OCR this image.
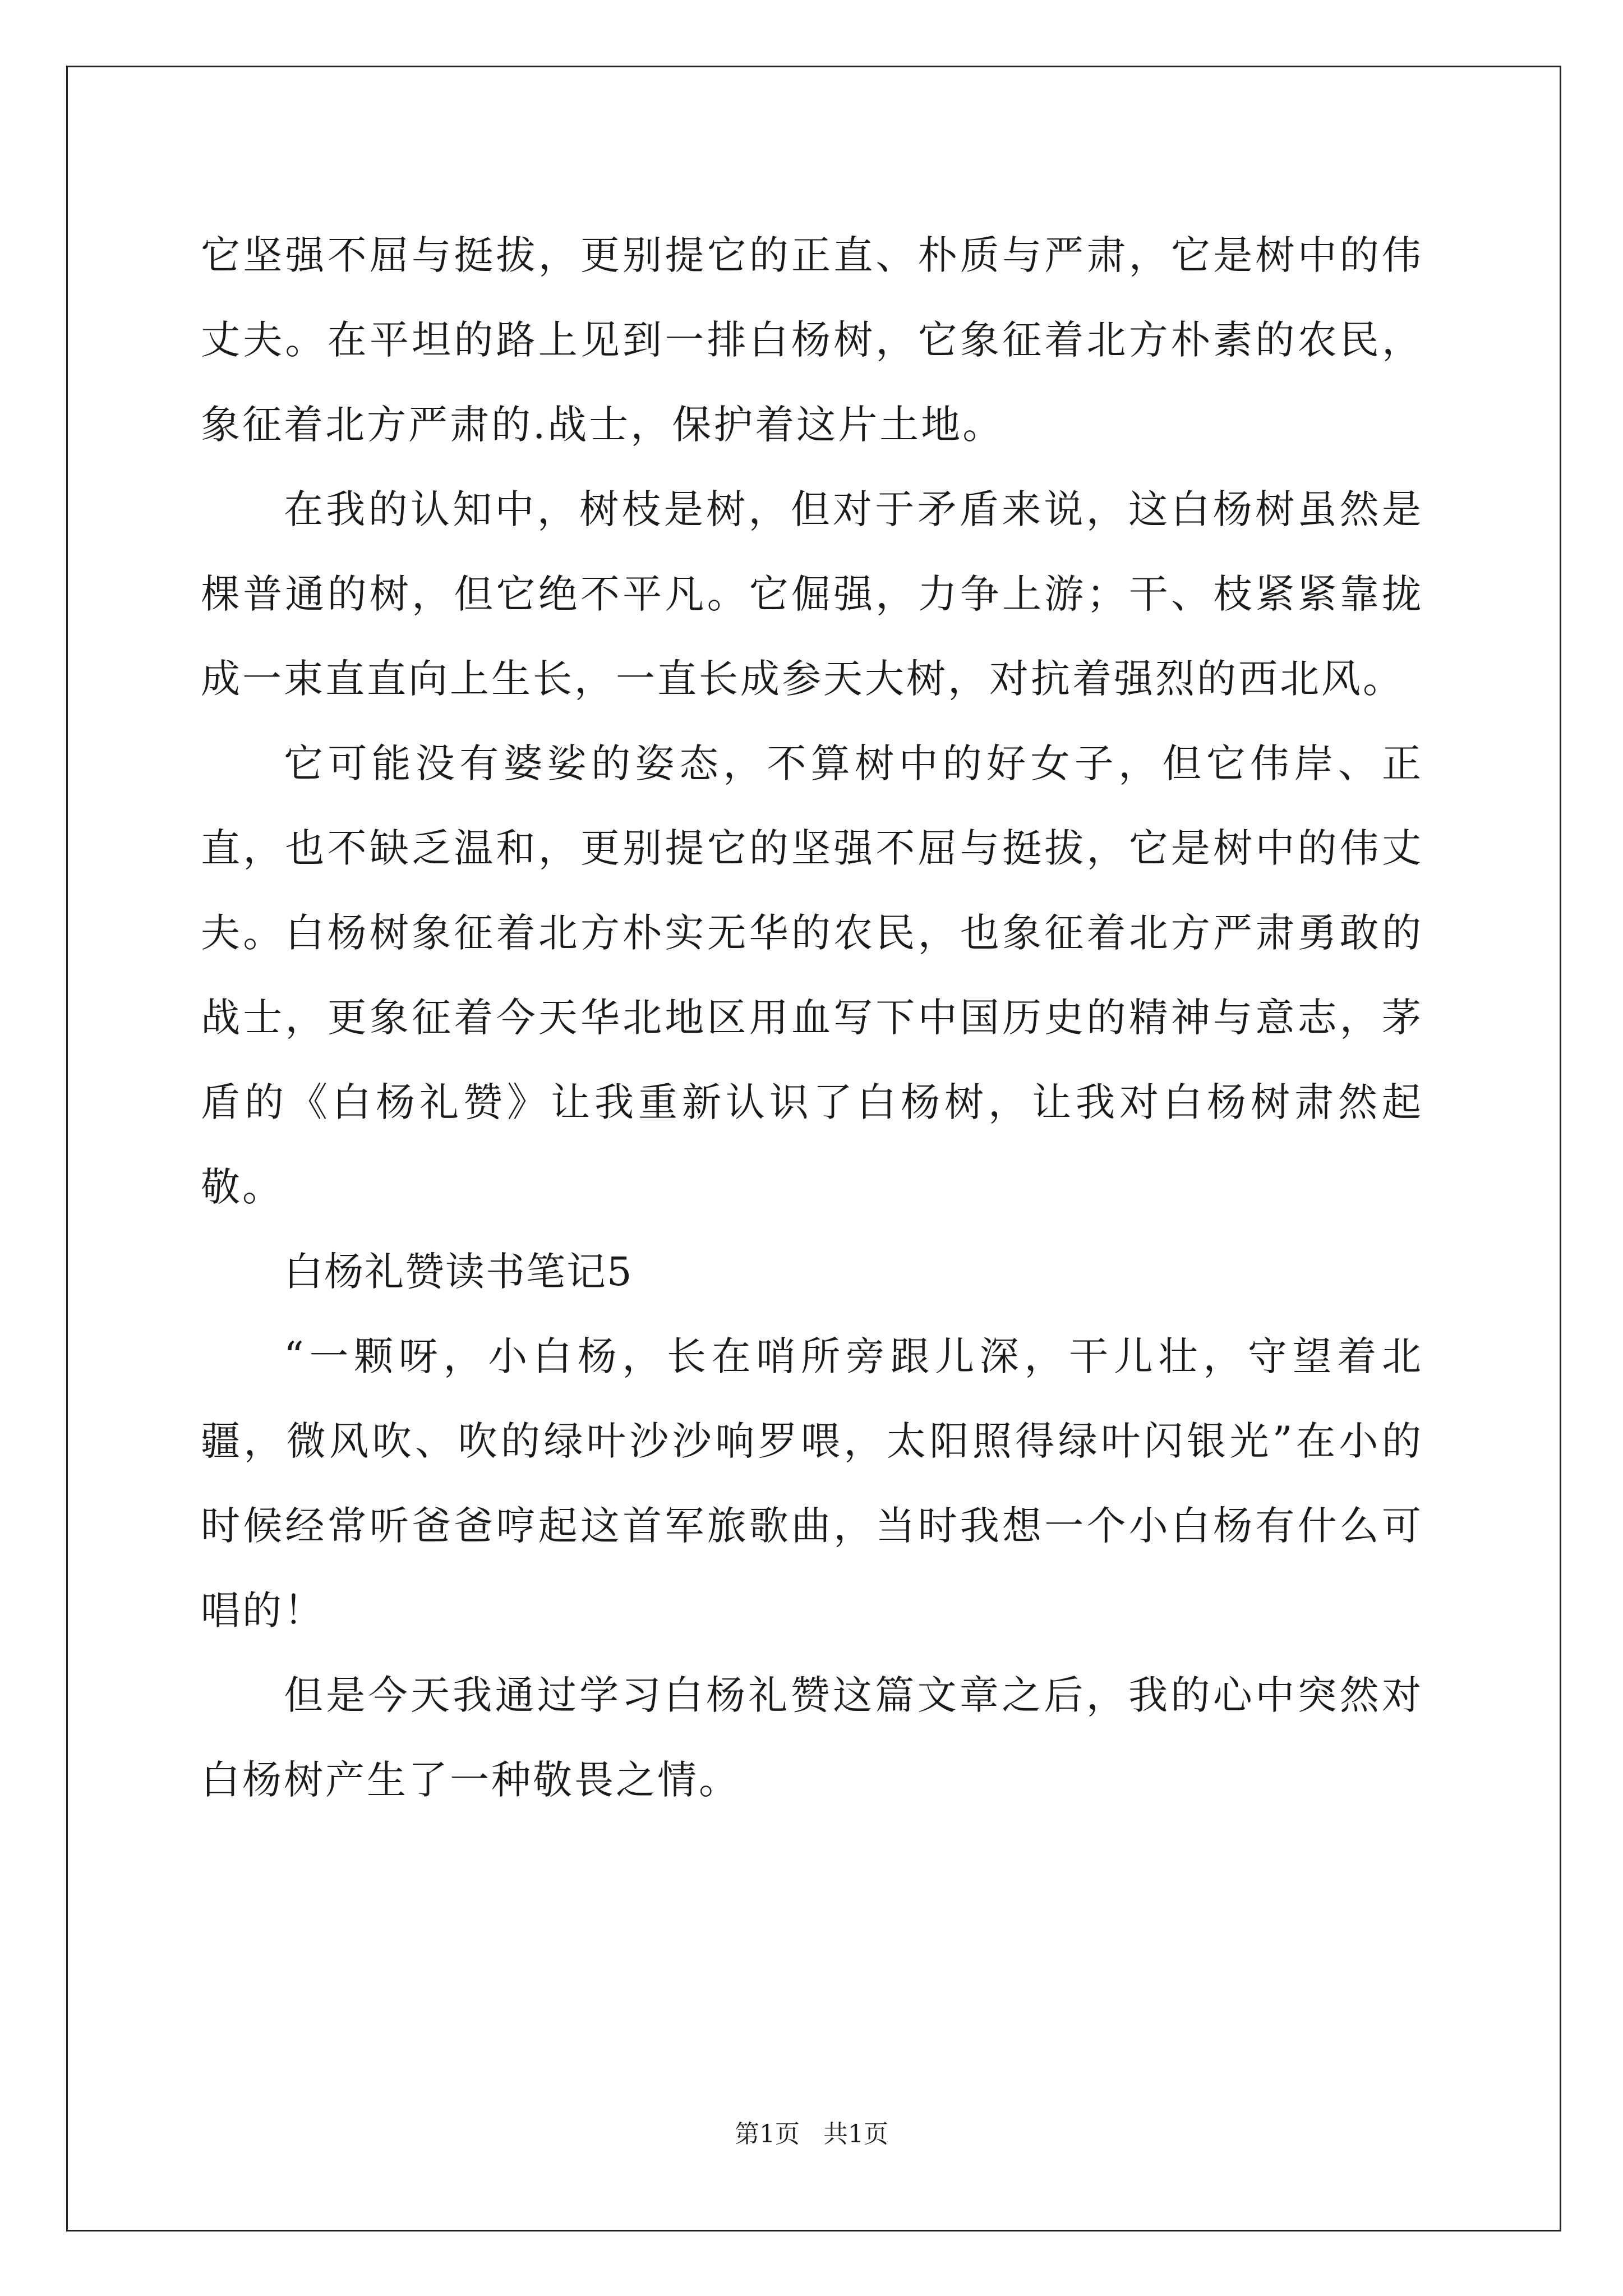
它坚强不屈与挺拔，更别提它的正直、朴质与严肃，它是树中的伟丈夫。在平坦的路上见到一排白杨树，它象征着北方朴素的农民，象征着北方严肃的.战士，保护着这片土地。

在我的认知中，树枝是树，但对于矛盾来说，这白杨树虽然是棵普通的树，但它绝不平凡。它倔强，力争上游；干、枝紧紧靠拢成一束直直向上生长，一直长成参天大树，对抗着强烈的西北风。

它可能没有婆娑的姿态，不算树中的好女子，但它伟岸、正直，也不缺乏温和，更别提它的坚强不屈与挺拔，它是树中的伟丈夫。白杨树象征着北方朴实无华的农民，也象征着北方严肃勇敢的战士，更象征着今天华北地区用血写下中国历史的精神与意志，茅盾的《白杨礼赞》让我重新认识了白杨树，让我对白杨树肃然起敬。

白杨礼赞读书笔记5

“一颗呀，小白杨，长在哨所旁跟儿深，干儿壮，守望着北疆，微风吹、吹的绿叶沙沙响罗喂，太阳照得绿叶闪银光”在小的时候经常听爸爸哼起这首军旅歌曲，当时我想一个小白杨有什么可唱的！

但是今天我通过学习白杨礼赞这篇文章之后，我的心中突然对白杨树产生了一种敬畏之情。

第1页   共1页
